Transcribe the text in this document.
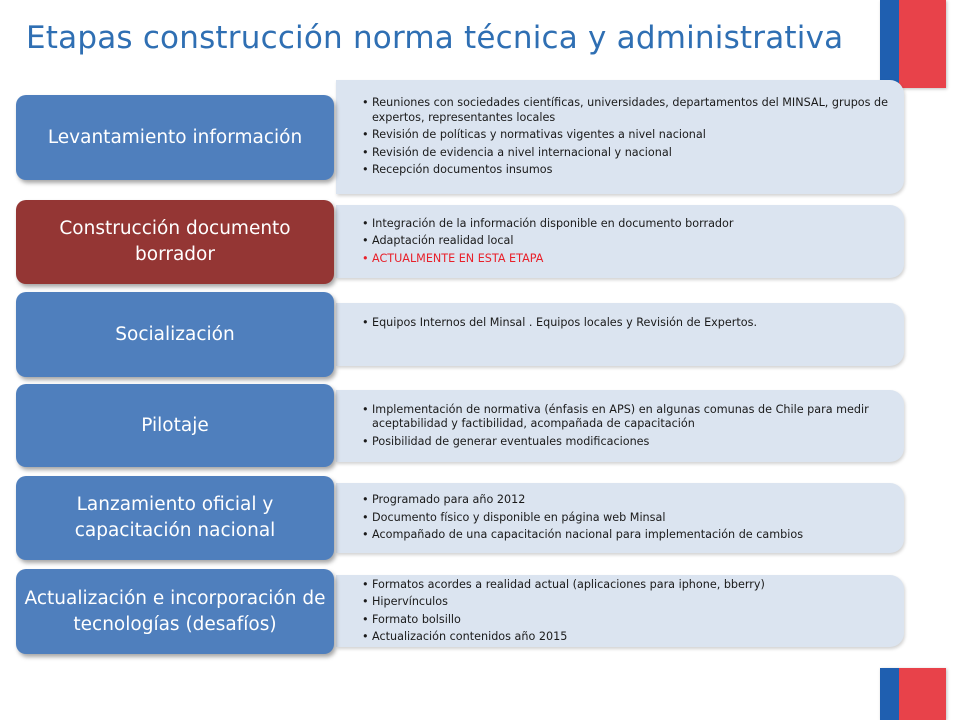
Etapas construcción norma técnica y administrativa
• Reuniones con sociedades científicas, universidades, departamentos del MINSAL, grupos de expertos, representantes locales
• Revisión de políticas y normativas vigentes a nivel nacional
• Revisión de evidencia a nivel internacional y nacional
• Recepción documentos insumos
Levantamiento información
• Integración de la información disponible en documento borrador
• Adaptación realidad local
• ACTUALMENTE EN ESTA ETAPA
Construcción documento borrador
• Equipos Internos del Minsal . Equipos locales y Revisión de Expertos.
Socialización
• Implementación de normativa (énfasis en APS) en algunas comunas de Chile para medir aceptabilidad y factibilidad, acompañada de capacitación
• Posibilidad de generar eventuales modificaciones
Pilotaje
• Programado para año 2012
• Documento físico y disponible en página web Minsal
• Acompañado de una capacitación nacional para implementación de cambios
Lanzamiento oficial y capacitación nacional
• Formatos acordes a realidad actual (aplicaciones para iphone, bberry)
• Hipervínculos
• Formato bolsillo
• Actualización contenidos año 2015
Actualización e incorporación de tecnologías (desafíos)
